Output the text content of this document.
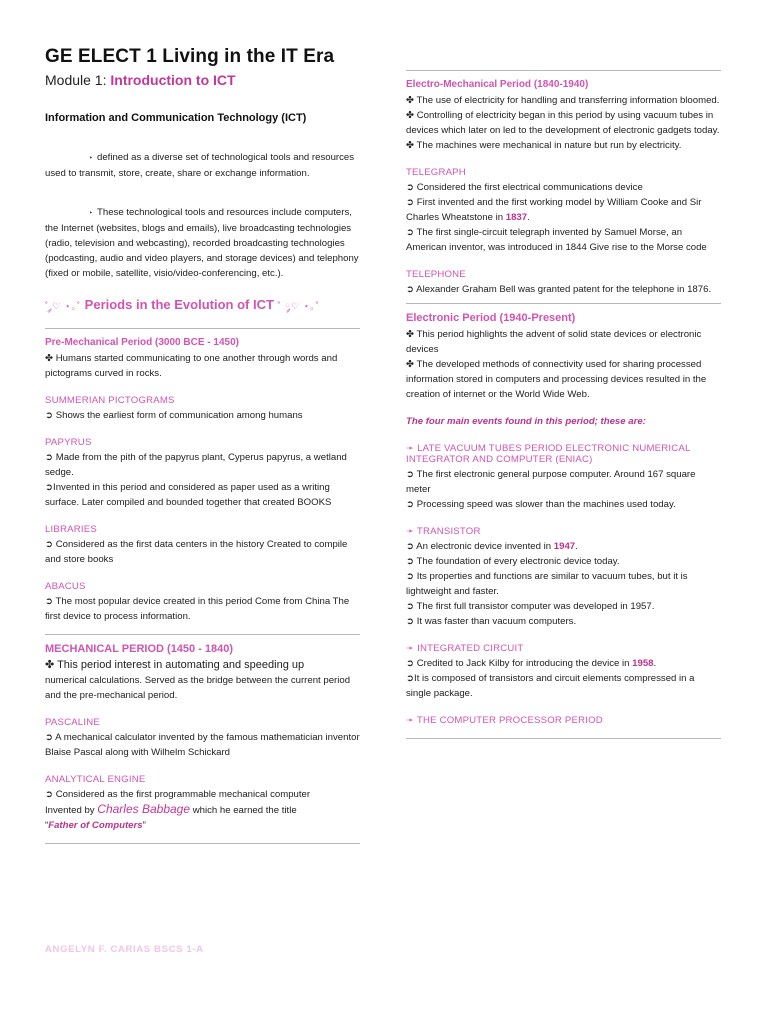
GE ELECT 1 Living in the IT Era
Module 1: Introduction to ICT
Information and Communication Technology (ICT)

‣ defined as a diverse set of technological tools and resources used to transmit, store, create, share or exchange information.

‣ These technological tools and resources include computers, the Internet (websites, blogs and emails), live broadcasting technologies (radio, television and webcasting), recorded broadcasting technologies (podcasting, audio and video players, and storage devices) and telephony (fixed or mobile, satellite, visio/video-conferencing, etc.).

˚ ༘♡ ⋆｡˚ Periods in the Evolution of ICT ˚ ༘♡ ⋆｡˚
Pre-Mechanical Period (3000 BCE - 1450)

✤ Humans started communicating to one another through words and pictograms curved in rocks.

SUMMERIAN PICTOGRAMS

➲ Shows the earliest form of communication among humans

PAPYRUS

➲ Made from the pith of the papyrus plant, Cyperus papyrus, a wetland sedge.

➲Invented in this period and considered as paper used as a writing surface. Later compiled and bounded together that created BOOKS

LIBRARIES

➲ Considered as the first data centers in the history Created to compile and store books

ABACUS

➲ The most popular device created in this period Come from China The first device to process information.

MECHANICAL PERIOD (1450 - 1840)

✤ This period interest in automating and speeding up

numerical calculations. Served as the bridge between the current period and the pre-mechanical period.

PASCALINE

➲ A mechanical calculator invented by the famous mathematician inventor Blaise Pascal along with Wilhelm Schickard

ANALYTICAL ENGINE

➲ Considered as the first programmable mechanical computer

Invented by Charles Babbage which he earned the title

“Father of Computers”

Electro-Mechanical Period (1840-1940)

✤ The use of electricity for handling and transferring information bloomed.

✤ Controlling of electricity began in this period by using vacuum tubes in devices which later on led to the development of electronic gadgets today.

✤ The machines were mechanical in nature but run by electricity.

TELEGRAPH

➲ Considered the first electrical communications device

➲ First invented and the first working model by William Cooke and Sir Charles Wheatstone in 1837.

➲ The first single-circuit telegraph invented by Samuel Morse, an American inventor, was introduced in 1844 Give rise to the Morse code

TELEPHONE

➲ Alexander Graham Bell was granted patent for the telephone in 1876.

Electronic Period (1940-Present)

✤ This period highlights the advent of solid state devices or electronic devices

✤ The developed methods of connectivity used for sharing processed information stored in computers and processing devices resulted in the creation of internet or the World Wide Web.

The four main events found in this period; these are:
➛ LATE VACUUM TUBES PERIOD ELECTRONIC NUMERICAL INTEGRATOR AND COMPUTER (ENIAC)

➲ The first electronic general purpose computer. Around 167 square meter

➲ Processing speed was slower than the machines used today.

➛ TRANSISTOR

➲ An electronic device invented in 1947.

➲ The foundation of every electronic device today.

➲ Its properties and functions are similar to vacuum tubes, but it is lightweight and faster.

➲ The first full transistor computer was developed in 1957.

➲ It was faster than vacuum computers.

➛ INTEGRATED CIRCUIT

➲ Credited to Jack Kilby for introducing the device in 1958.

➲It is composed of transistors and circuit elements compressed in a single package.

➛ THE COMPUTER PROCESSOR PERIOD
ANGELYN F. CARIAS BSCS 1-A
